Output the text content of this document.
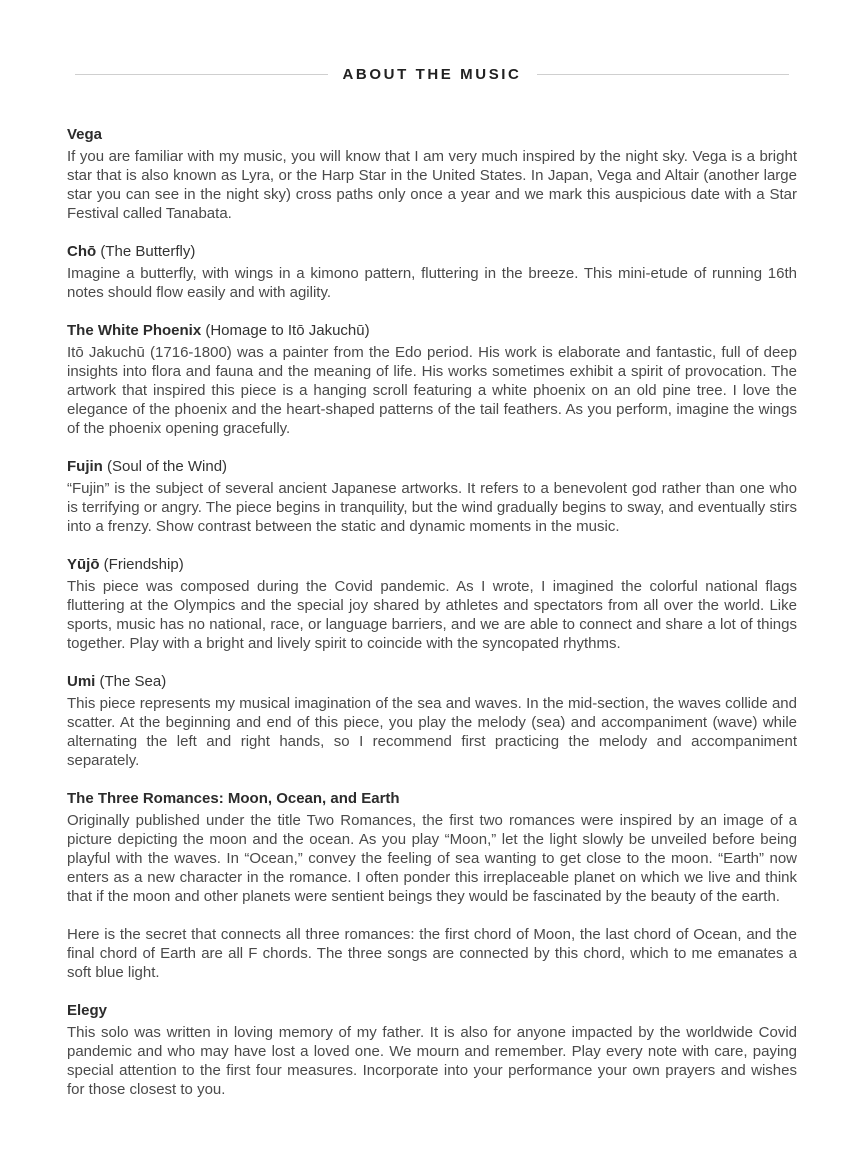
ABOUT THE MUSIC
Vega

If you are familiar with my music, you will know that I am very much inspired by the night sky. Vega is a bright star that is also known as Lyra, or the Harp Star in the United States. In Japan, Vega and Altair (another large star you can see in the night sky) cross paths only once a year and we mark this auspicious date with a Star Festival called Tanabata.

Chō (The Butterfly)

Imagine a butterfly, with wings in a kimono pattern, fluttering in the breeze. This mini-etude of running 16th notes should flow easily and with agility.

The White Phoenix (Homage to Itō Jakuchū)

Itō Jakuchū (1716-1800) was a painter from the Edo period. His work is elaborate and fantastic, full of deep insights into flora and fauna and the meaning of life. His works sometimes exhibit a spirit of provocation. The artwork that inspired this piece is a hanging scroll featuring a white phoenix on an old pine tree. I love the elegance of the phoenix and the heart-shaped patterns of the tail feathers. As you perform, imagine the wings of the phoenix opening gracefully.

Fujin (Soul of the Wind)

“Fujin” is the subject of several ancient Japanese artworks. It refers to a benevolent god rather than one who is terrifying or angry. The piece begins in tranquility, but the wind gradually begins to sway, and eventually stirs into a frenzy. Show contrast between the static and dynamic moments in the music.

Yūjō (Friendship)

This piece was composed during the Covid pandemic. As I wrote, I imagined the colorful national flags fluttering at the Olympics and the special joy shared by athletes and spectators from all over the world. Like sports, music has no national, race, or language barriers, and we are able to connect and share a lot of things together. Play with a bright and lively spirit to coincide with the syncopated rhythms.

Umi (The Sea)

This piece represents my musical imagination of the sea and waves. In the mid-section, the waves collide and scatter. At the beginning and end of this piece, you play the melody (sea) and accompaniment (wave) while alternating the left and right hands, so I recommend first practicing the melody and accompaniment separately.

The Three Romances: Moon, Ocean, and Earth

Originally published under the title Two Romances, the first two romances were inspired by an image of a picture depicting the moon and the ocean. As you play “Moon,” let the light slowly be unveiled before being playful with the waves. In “Ocean,” convey the feeling of sea wanting to get close to the moon. “Earth” now enters as a new character in the romance. I often ponder this irreplaceable planet on which we live and think that if the moon and other planets were sentient beings they would be fascinated by the beauty of the earth.

Here is the secret that connects all three romances: the first chord of Moon, the last chord of Ocean, and the final chord of Earth are all F chords. The three songs are connected by this chord, which to me emanates a soft blue light.

Elegy

This solo was written in loving memory of my father. It is also for anyone impacted by the worldwide Covid pandemic and who may have lost a loved one. We mourn and remember. Play every note with care, paying special attention to the first four measures. Incorporate into your performance your own prayers and wishes for those closest to you.
